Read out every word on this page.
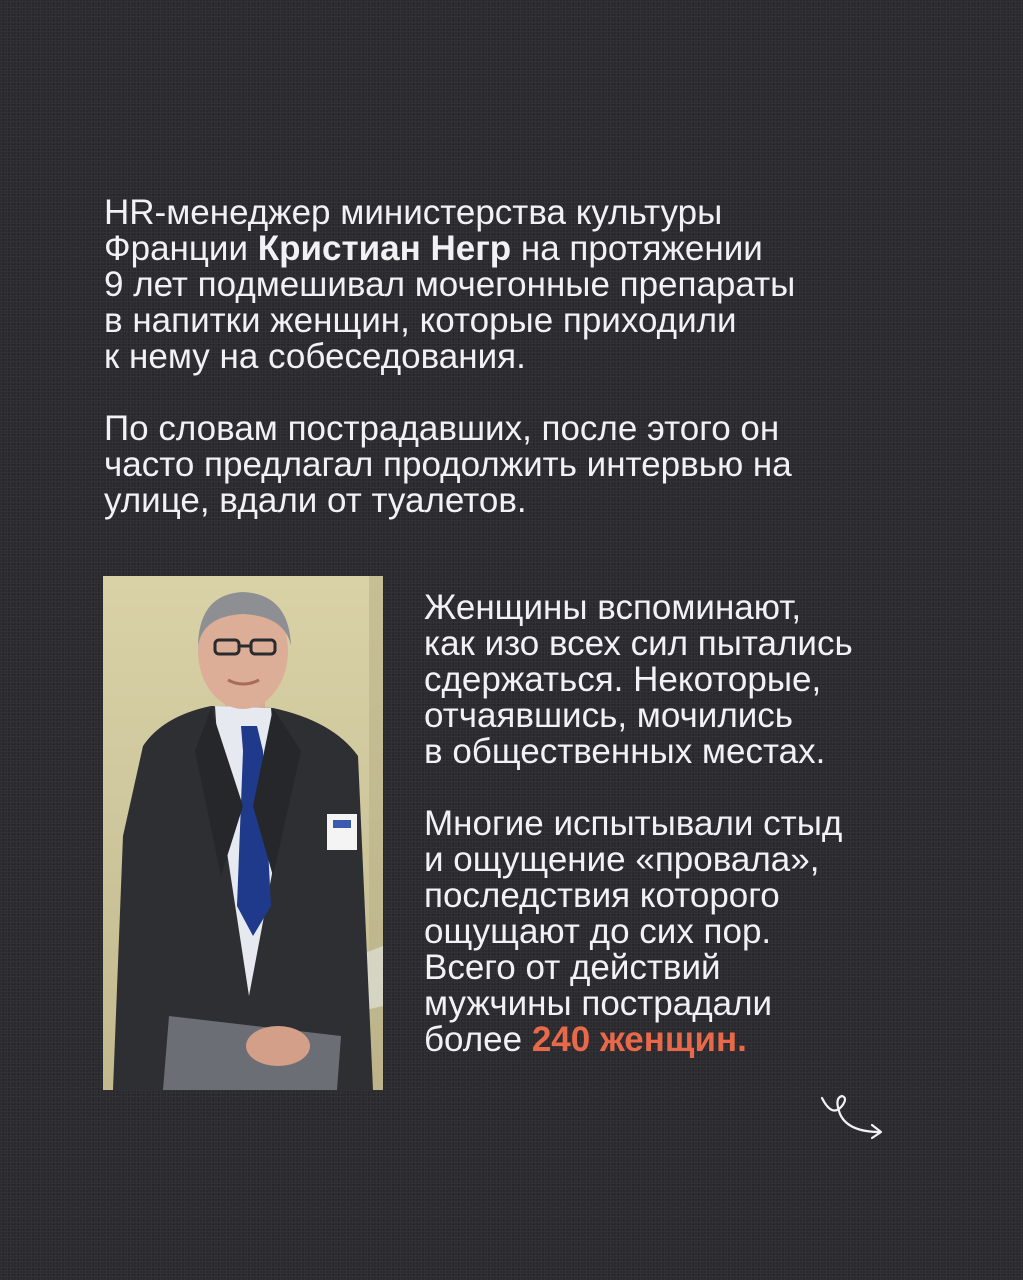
HR-менеджер министерства культуры
Франции Кристиан Негр на протяжении
9 лет подмешивал мочегонные препараты
в напитки женщин, которые приходили
к нему на собеседования.

По словам пострадавших, после этого он
часто предлагал продолжить интервью на
улице, вдали от туалетов.

Женщины вспоминают,
как изо всех сил пытались
сдержаться. Некоторые,
отчаявшись, мочились
в общественных местах.

Многие испытывали стыд
и ощущение «провала»,
последствия которого
ощущают до сих пор.
Всего от действий
мужчины пострадали
более 240 женщин.
